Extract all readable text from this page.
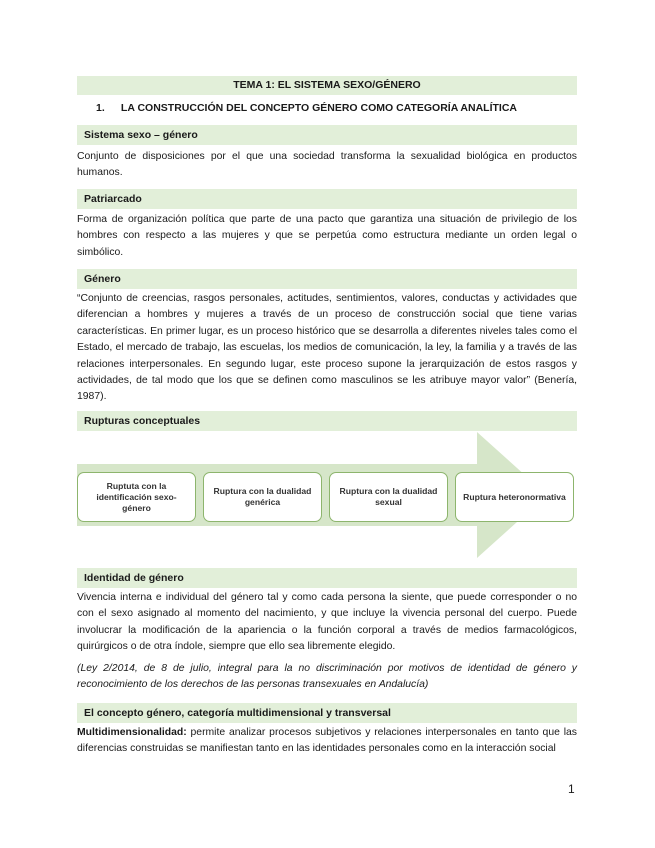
TEMA 1: EL SISTEMA SEXO/GÉNERO
1. LA CONSTRUCCIÓN DEL CONCEPTO GÉNERO COMO CATEGORÍA ANALÍTICA
Sistema sexo – género
Conjunto de disposiciones por el que una sociedad transforma la sexualidad biológica en productos humanos.
Patriarcado
Forma de organización política que parte de una pacto que garantiza una situación de privilegio de los hombres con respecto a las mujeres y que se perpetúa como estructura mediante un orden legal o simbólico.
Género
“Conjunto de creencias, rasgos personales, actitudes, sentimientos, valores, conductas y actividades que diferencian a hombres y mujeres a través de un proceso de construcción social que tiene varias características. En primer lugar, es un proceso histórico que se desarrolla a diferentes niveles tales como el Estado, el mercado de trabajo, las escuelas, los medios de comunicación, la ley, la familia y a través de las relaciones interpersonales. En segundo lugar, este proceso supone la jerarquización de estos rasgos y actividades, de tal modo que los que se definen como masculinos se les atribuye mayor valor” (Benería, 1987).
Rupturas conceptuales
Ruptuta con la identificación sexo-género
Ruptura con la dualidad genérica
Ruptura con la dualidad sexual
Ruptura heteronormativa
Identidad de género
Vivencia interna e individual del género tal y como cada persona la siente, que puede corresponder o no con el sexo asignado al momento del nacimiento, y que incluye la vivencia personal del cuerpo. Puede involucrar la modificación de la apariencia o la función corporal a través de medios farmacológicos, quirúrgicos o de otra índole, siempre que ello sea libremente elegido.
(Ley 2/2014, de 8 de julio, integral para la no discriminación por motivos de identidad de género y reconocimiento de los derechos de las personas transexuales en Andalucía)
El concepto género, categoría multidimensional y transversal
Multidimensionalidad: permite analizar procesos subjetivos y relaciones interpersonales en tanto que las diferencias construidas se manifiestan tanto en las identidades personales como en la interacción social
1
